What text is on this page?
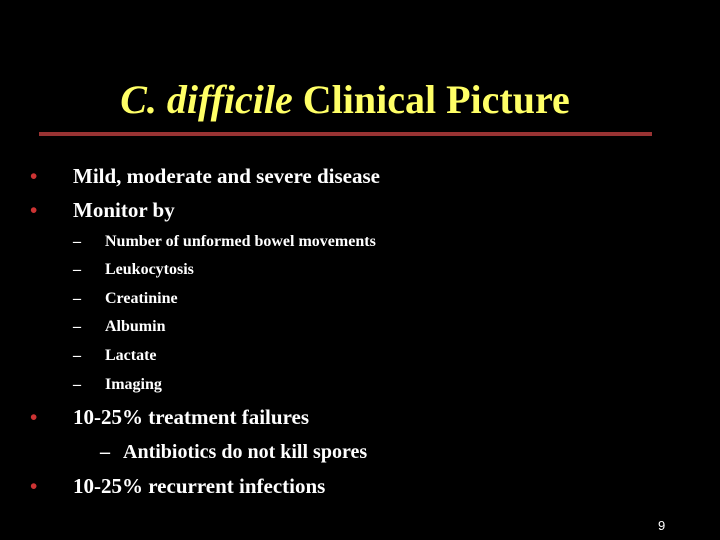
C. difficile Clinical Picture
• Mild, moderate and severe disease
• Monitor by
– Number of unformed bowel movements
– Leukocytosis
– Creatinine
– Albumin
– Lactate
– Imaging
• 10-25% treatment failures
– Antibiotics do not kill spores
• 10-25% recurrent infections
9
